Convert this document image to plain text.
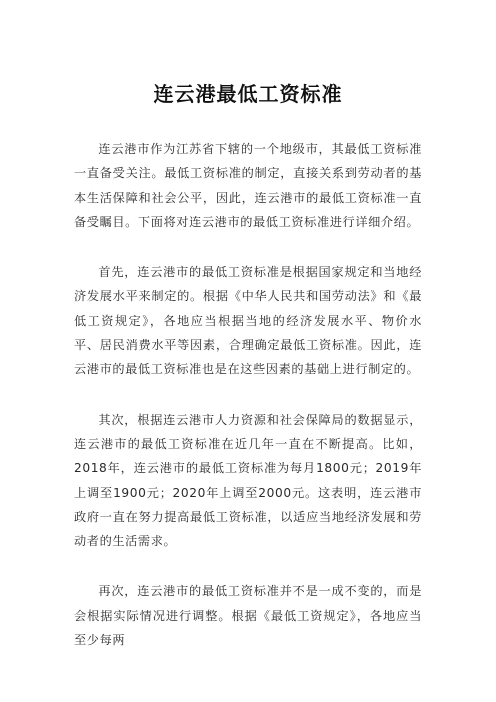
连云港最低工资标准

连云港市作为江苏省下辖的一个地级市，其最低工资标准一直备受关注。最低工资标准的制定，直接关系到劳动者的基本生活保障和社会公平，因此，连云港市的最低工资标准一直备受瞩目。下面将对连云港市的最低工资标准进行详细介绍。

首先，连云港市的最低工资标准是根据国家规定和当地经济发展水平来制定的。根据《中华人民共和国劳动法》和《最低工资规定》，各地应当根据当地的经济发展水平、物价水平、居民消费水平等因素，合理确定最低工资标准。因此，连云港市的最低工资标准也是在这些因素的基础上进行制定的。

其次，根据连云港市人力资源和社会保障局的数据显示，连云港市的最低工资标准在近几年一直在不断提高。比如，2018年，连云港市的最低工资标准为每月1800元；2019年上调至1900元；2020年上调至2000元。这表明，连云港市政府一直在努力提高最低工资标准，以适应当地经济发展和劳动者的生活需求。

再次，连云港市的最低工资标准并不是一成不变的，而是会根据实际情况进行调整。根据《最低工资规定》，各地应当至少每两
